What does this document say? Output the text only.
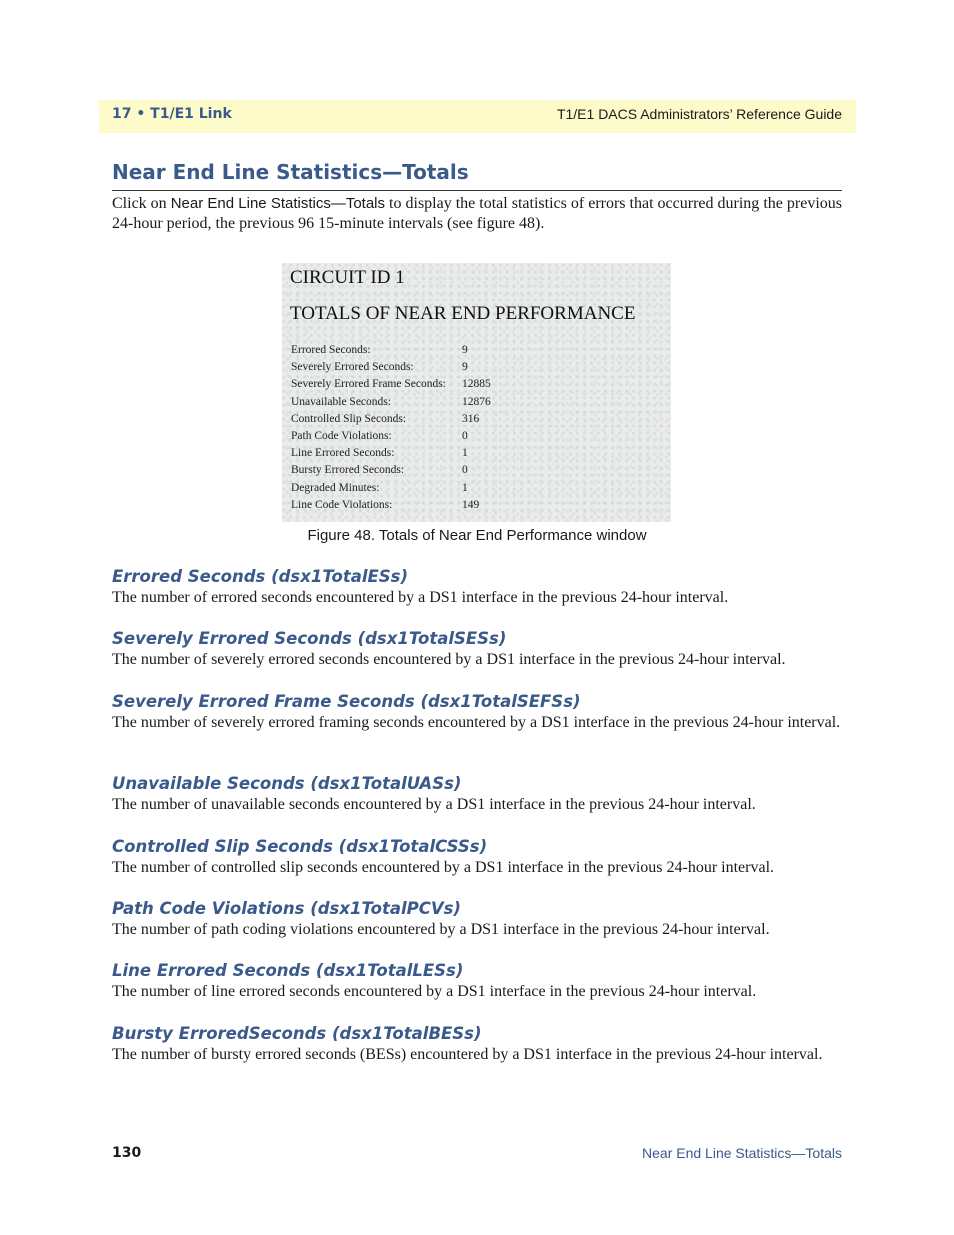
17 • T1/E1 Link	T1/E1 DACS Administrators’ Reference Guide
Near End Line Statistics—Totals

Click on Near End Line Statistics—Totals to display the total statistics of errors that occurred during the previous 24-hour period, the previous 96 15-minute intervals (see figure 48).

CIRCUIT ID 1
TOTALS OF NEAR END PERFORMANCE
Errored Seconds:	9
Severely Errored Seconds:	9
Severely Errored Frame Seconds: 12885
Unavailable Seconds:	12876
Controlled Slip Seconds:	316
Path Code Violations:	0
Line Errored Seconds:	1
Bursty Errored Seconds:	0
Degraded Minutes:	1
Line Code Violations:	149
Figure 48. Totals of Near End Performance window
Errored Seconds (dsx1TotalESs)

The number of errored seconds encountered by a DS1 interface in the previous 24-hour interval.

Severely Errored Seconds (dsx1TotalSESs)

The number of severely errored seconds encountered by a DS1 interface in the previous 24-hour interval.

Severely Errored Frame Seconds (dsx1TotalSEFSs)

The number of severely errored framing seconds encountered by a DS1 interface in the previous 24-hour interval.

Unavailable Seconds (dsx1TotalUASs)

The number of unavailable seconds encountered by a DS1 interface in the previous 24-hour interval.

Controlled Slip Seconds (dsx1TotalCSSs)

The number of controlled slip seconds encountered by a DS1 interface in the previous 24-hour interval.

Path Code Violations (dsx1TotalPCVs)

The number of path coding violations encountered by a DS1 interface in the previous 24-hour interval.

Line Errored Seconds (dsx1TotalLESs)

The number of line errored seconds encountered by a DS1 interface in the previous 24-hour interval.

Bursty ErroredSeconds (dsx1TotalBESs)

The number of bursty errored seconds (BESs) encountered by a DS1 interface in the previous 24-hour interval.

130	Near End Line Statistics—Totals
